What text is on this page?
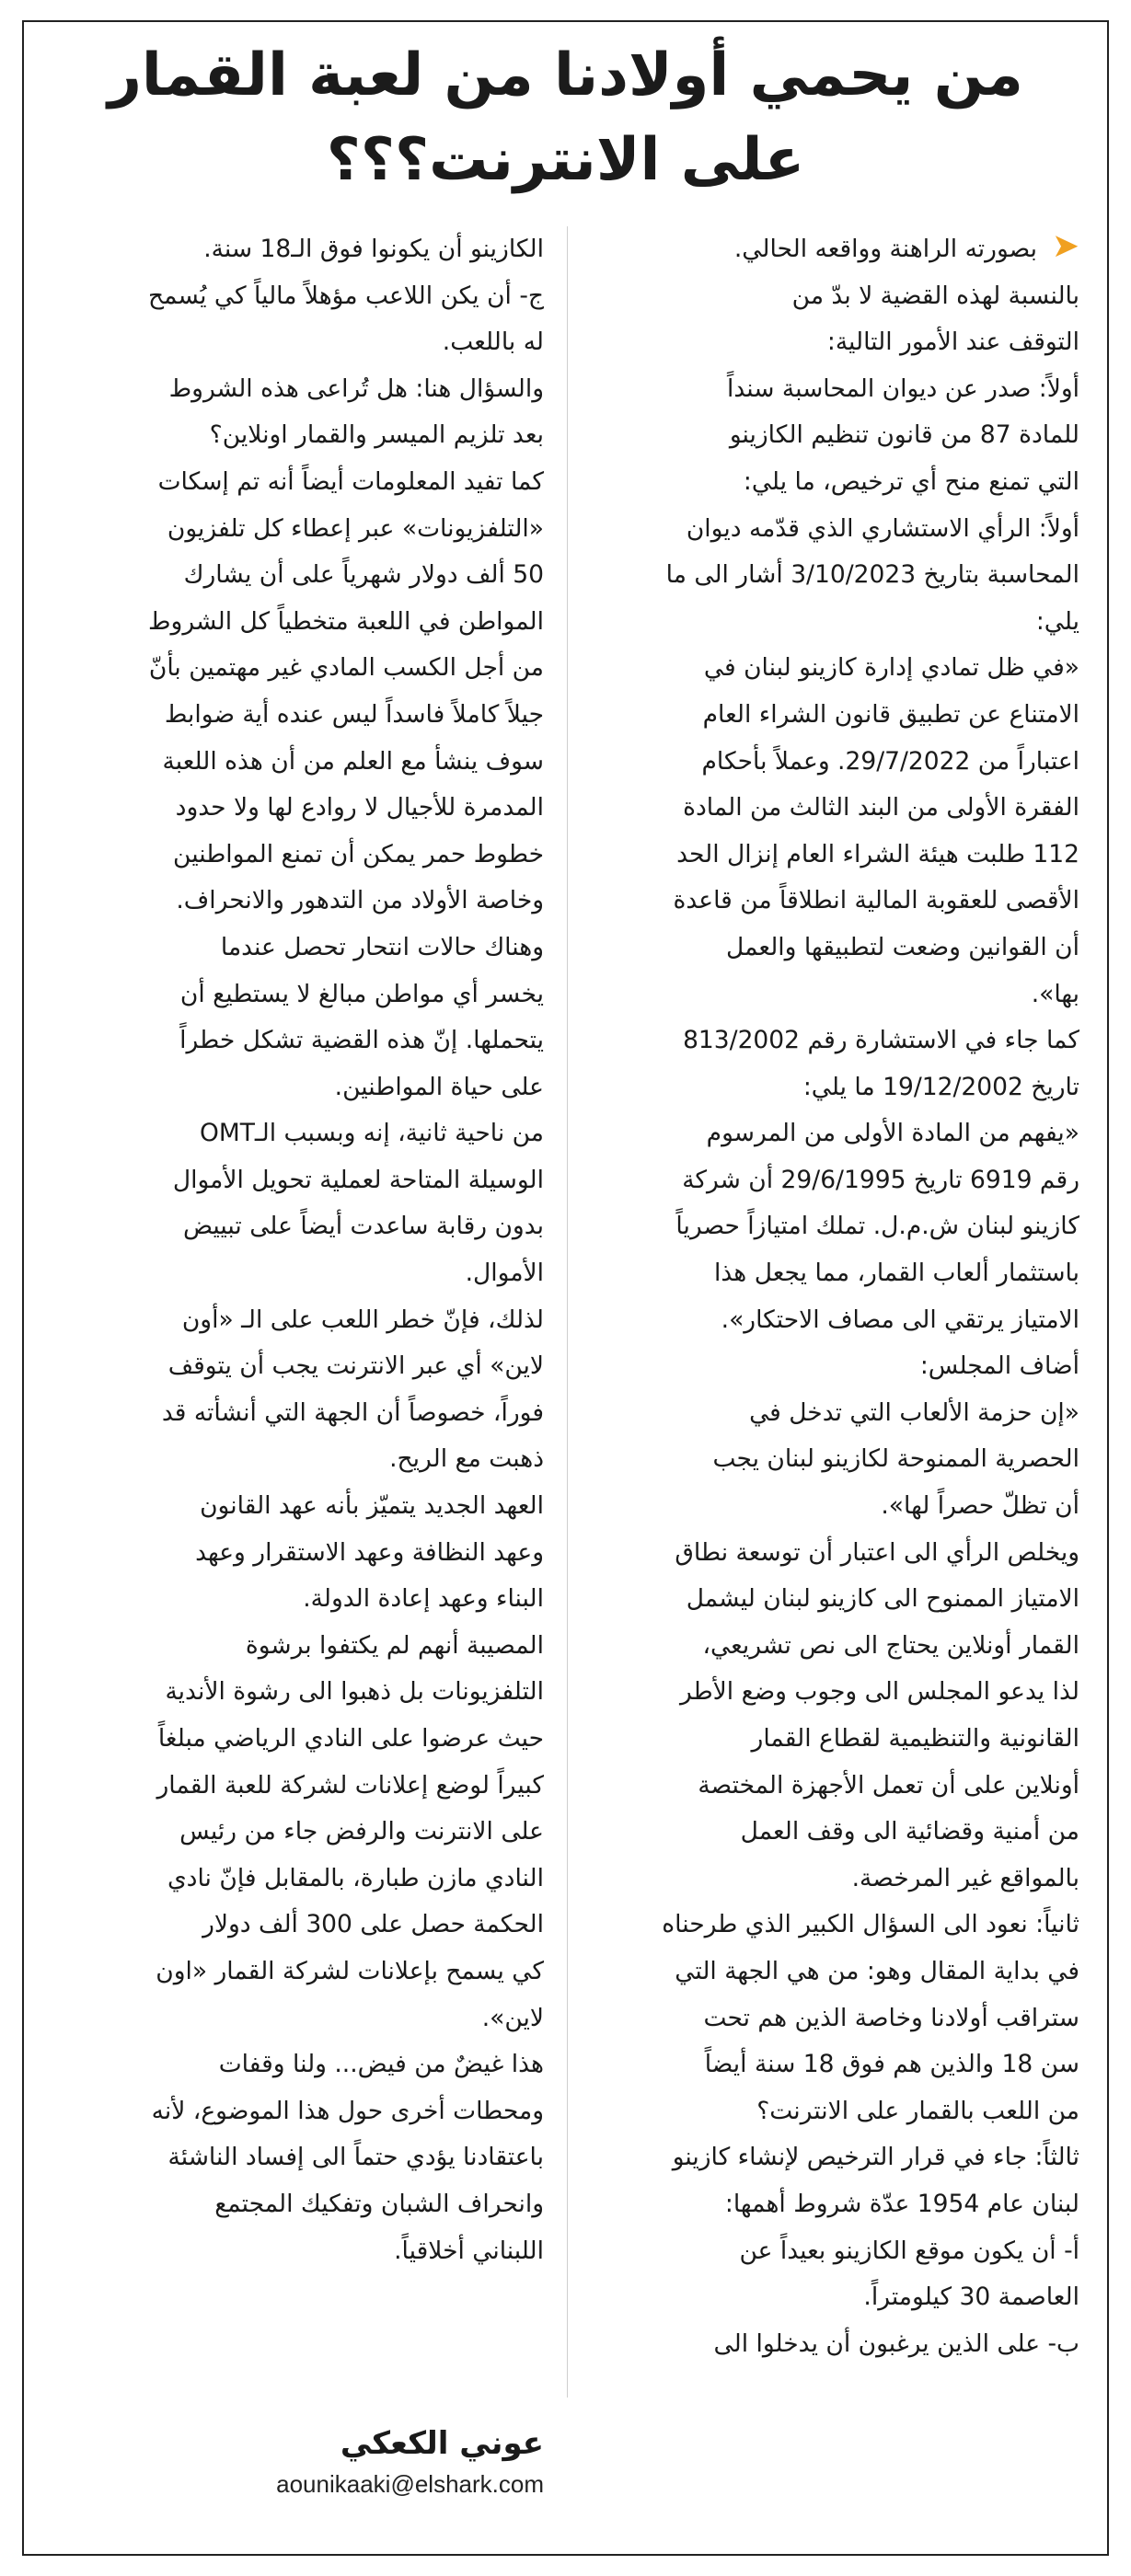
من يحمي أولادنا من لعبة القمار
على الانترنت؟؟؟
➤
بصورته الراهنة وواقعه الحالي.
بالنسبة لهذه القضية لا بدّ من
التوقف عند الأمور التالية:
أولاً: صدر عن ديوان المحاسبة سنداً
للمادة 87 من قانون تنظيم الكازينو
التي تمنع منح أي ترخيص، ما يلي:
أولاً: الرأي الاستشاري الذي قدّمه ديوان
المحاسبة بتاريخ 3/10/2023 أشار الى ما
يلي:
«في ظل تمادي إدارة كازينو لبنان في
الامتناع عن تطبيق قانون الشراء العام
اعتباراً من 29/7/2022. وعملاً بأحكام
الفقرة الأولى من البند الثالث من المادة
112 طلبت هيئة الشراء العام إنزال الحد
الأقصى للعقوبة المالية انطلاقاً من قاعدة
أن القوانين وضعت لتطبيقها والعمل
بها».
كما جاء في الاستشارة رقم 813/2002
تاريخ 19/12/2002 ما يلي:
«يفهم من المادة الأولى من المرسوم
رقم 6919 تاريخ 29/6/1995 أن شركة
كازينو لبنان ش.م.ل. تملك امتيازاً حصرياً
باستثمار ألعاب القمار، مما يجعل هذا
الامتياز يرتقي الى مصاف الاحتكار».
أضاف المجلس:
«إن حزمة الألعاب التي تدخل في
الحصرية الممنوحة لكازينو لبنان يجب
أن تظلّ حصراً لها».
ويخلص الرأي الى اعتبار أن توسعة نطاق
الامتياز الممنوح الى كازينو لبنان ليشمل
القمار أونلاين يحتاج الى نص تشريعي،
لذا يدعو المجلس الى وجوب وضع الأطر
القانونية والتنظيمية لقطاع القمار
أونلاين على أن تعمل الأجهزة المختصة
من أمنية وقضائية الى وقف العمل
بالمواقع غير المرخصة.
ثانياً: نعود الى السؤال الكبير الذي طرحناه
في بداية المقال وهو: من هي الجهة التي
ستراقب أولادنا وخاصة الذين هم تحت
سن 18 والذين هم فوق 18 سنة أيضاً
من اللعب بالقمار على الانترنت؟
ثالثاً: جاء في قرار الترخيص لإنشاء كازينو
لبنان عام 1954 عدّة شروط أهمها:
أ- أن يكون موقع الكازينو بعيداً عن
العاصمة 30 كيلومتراً.
ب- على الذين يرغبون أن يدخلوا الى
الكازينو أن يكونوا فوق الـ18 سنة.
ج- أن يكن اللاعب مؤهلاً مالياً كي يُسمح
له باللعب.
والسؤال هنا: هل تُراعى هذه الشروط
بعد تلزيم الميسر والقمار اونلاين؟
كما تفيد المعلومات أيضاً أنه تم إسكات
«التلفزيونات» عبر إعطاء كل تلفزيون
50 ألف دولار شهرياً على أن يشارك
المواطن في اللعبة متخطياً كل الشروط
من أجل الكسب المادي غير مهتمين بأنّ
جيلاً كاملاً فاسداً ليس عنده أية ضوابط
سوف ينشأ مع العلم من أن هذه اللعبة
المدمرة للأجيال لا روادع لها ولا حدود
خطوط حمر يمكن أن تمنع المواطنين
وخاصة الأولاد من التدهور والانحراف.
وهناك حالات انتحار تحصل عندما
يخسر أي مواطن مبالغ لا يستطيع أن
يتحملها. إنّ هذه القضية تشكل خطراً
على حياة المواطنين.
من ناحية ثانية، إنه وبسبب الـOMT
الوسيلة المتاحة لعملية تحويل الأموال
بدون رقابة ساعدت أيضاً على تبييض
الأموال.
لذلك، فإنّ خطر اللعب على الـ «أون
لاين» أي عبر الانترنت يجب أن يتوقف
فوراً، خصوصاً أن الجهة التي أنشأته قد
ذهبت مع الريح.
العهد الجديد يتميّز بأنه عهد القانون
وعهد النظافة وعهد الاستقرار وعهد
البناء وعهد إعادة الدولة.
المصيبة أنهم لم يكتفوا برشوة
التلفزيونات بل ذهبوا الى رشوة الأندية
حيث عرضوا على النادي الرياضي مبلغاً
كبيراً لوضع إعلانات لشركة للعبة القمار
على الانترنت والرفض جاء من رئيس
النادي مازن طبارة، بالمقابل فإنّ نادي
الحكمة حصل على 300 ألف دولار
كي يسمح بإعلانات لشركة القمار «اون
لاين».
هذا غيضٌ من فيض... ولنا وقفات
ومحطات أخرى حول هذا الموضوع، لأنه
باعتقادنا يؤدي حتماً الى إفساد الناشئة
وانحراف الشبان وتفكيك المجتمع
اللبناني أخلاقياً.
عوني الكعكي
aounikaaki@elshark.com
